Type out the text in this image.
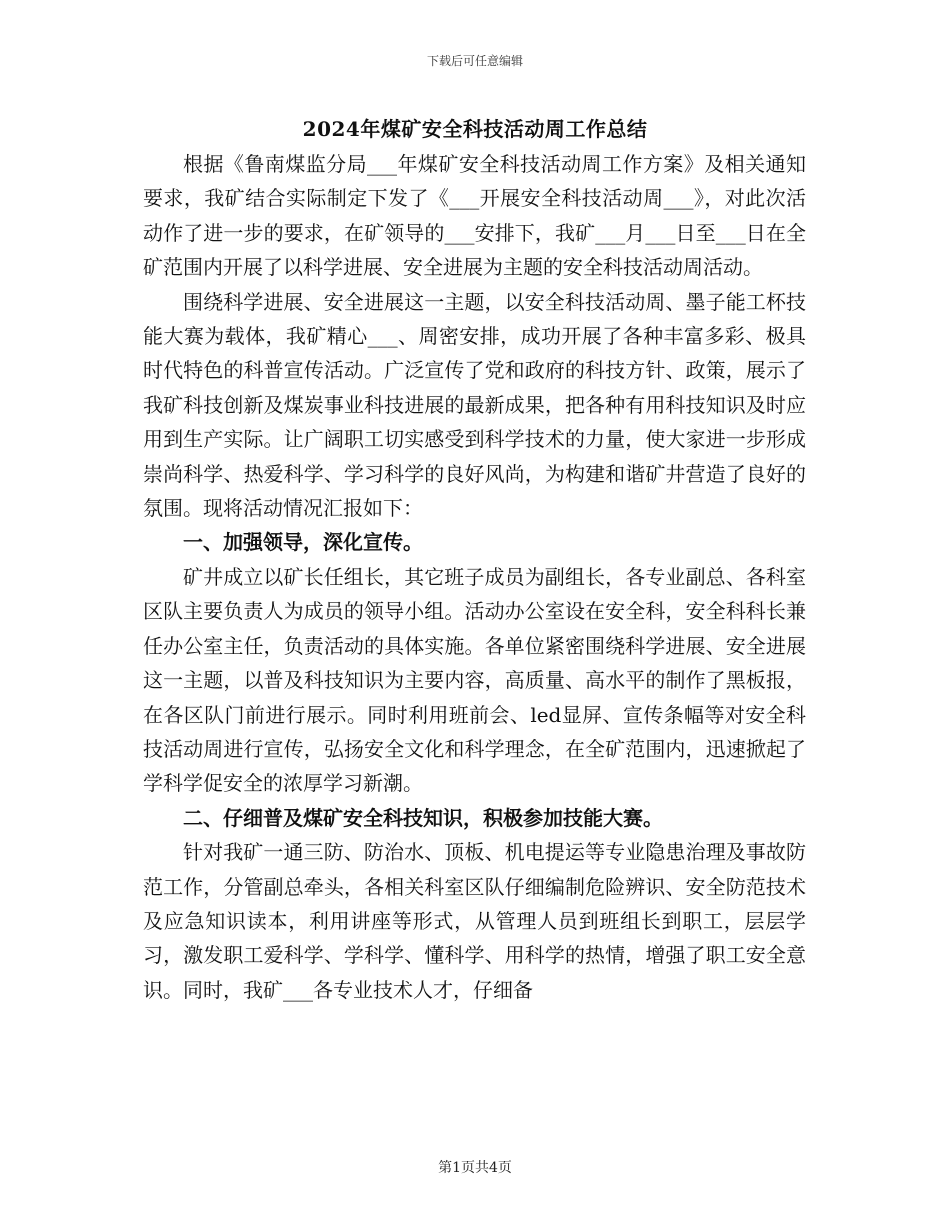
下载后可任意编辑
2024年煤矿安全科技活动周工作总结

根据《鲁南煤监分局___年煤矿安全科技活动周工作方案》及相关通知要求，我矿结合实际制定下发了《___开展安全科技活动周___》，对此次活动作了进一步的要求，在矿领导的___安排下，我矿___月___日至___日在全矿范围内开展了以科学进展、安全进展为主题的安全科技活动周活动。

围绕科学进展、安全进展这一主题，以安全科技活动周、墨子能工杯技能大赛为载体，我矿精心___、周密安排，成功开展了各种丰富多彩、极具时代特色的科普宣传活动。广泛宣传了党和政府的科技方针、政策，展示了我矿科技创新及煤炭事业科技进展的最新成果，把各种有用科技知识及时应用到生产实际。让广阔职工切实感受到科学技术的力量，使大家进一步形成崇尚科学、热爱科学、学习科学的良好风尚，为构建和谐矿井营造了良好的氛围。现将活动情况汇报如下：

一、加强领导，深化宣传。

矿井成立以矿长任组长，其它班子成员为副组长，各专业副总、各科室区队主要负责人为成员的领导小组。活动办公室设在安全科，安全科科长兼任办公室主任，负责活动的具体实施。各单位紧密围绕科学进展、安全进展这一主题，以普及科技知识为主要内容，高质量、高水平的制作了黑板报，在各区队门前进行展示。同时利用班前会、led显屏、宣传条幅等对安全科技活动周进行宣传，弘扬安全文化和科学理念，在全矿范围内，迅速掀起了学科学促安全的浓厚学习新潮。

二、仔细普及煤矿安全科技知识，积极参加技能大赛。

针对我矿一通三防、防治水、顶板、机电提运等专业隐患治理及事故防范工作，分管副总牵头，各相关科室区队仔细编制危险辨识、安全防范技术及应急知识读本，利用讲座等形式，从管理人员到班组长到职工，层层学习，激发职工爱科学、学科学、懂科学、用科学的热情，增强了职工安全意识。同时，我矿___各专业技术人才，仔细备

第1页共4页
